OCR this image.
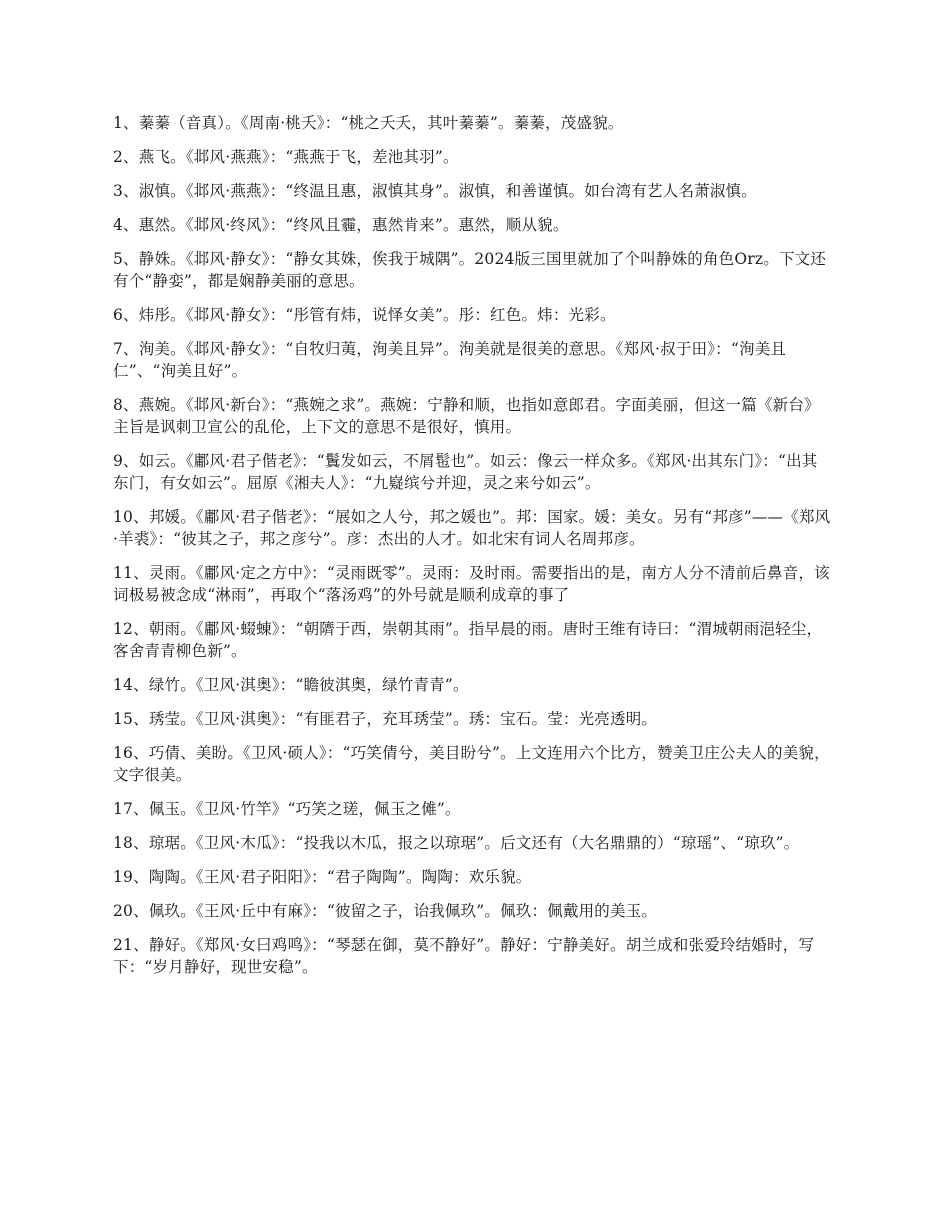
1、蓁蓁（音真）。《周南·桃夭》：“桃之夭夭，其叶蓁蓁”。蓁蓁，茂盛貌。

2、燕飞。《邶风·燕燕》：“燕燕于飞，差池其羽”。

3、淑慎。《邶风·燕燕》：“终温且惠，淑慎其身”。淑慎，和善谨慎。如台湾有艺人名萧淑慎。

4、惠然。《邶风·终风》：“终风且霾，惠然肯来”。惠然，顺从貌。

5、静姝。《邶风·静女》：“静女其姝，俟我于城隅”。2024版三国里就加了个叫静姝的角色Orz。下文还有个“静娈”，都是娴静美丽的意思。

6、炜彤。《邶风·静女》：“彤管有炜，说怿女美”。彤：红色。炜：光彩。

7、洵美。《邶风·静女》：“自牧归荑，洵美且异”。洵美就是很美的意思。《郑风·叔于田》：“洵美且仁”、“洵美且好”。

8、燕婉。《邶风·新台》：“燕婉之求”。燕婉：宁静和顺，也指如意郎君。字面美丽，但这一篇《新台》主旨是讽刺卫宣公的乱伦，上下文的意思不是很好，慎用。

9、如云。《鄘风·君子偕老》：“鬒发如云，不屑髢也”。如云：像云一样众多。《郑风·出其东门》：“出其东门，有女如云”。屈原《湘夫人》：“九嶷缤兮并迎，灵之来兮如云”。

10、邦媛。《鄘风·君子偕老》：“展如之人兮，邦之媛也”。邦：国家。媛：美女。另有“邦彦”——《郑风·羊裘》：“彼其之子，邦之彦兮”。彦：杰出的人才。如北宋有词人名周邦彦。

11、灵雨。《鄘风·定之方中》：“灵雨既零”。灵雨：及时雨。需要指出的是，南方人分不清前后鼻音，该词极易被念成“淋雨”，再取个“落汤鸡”的外号就是顺利成章的事了

12、朝雨。《鄘风·蝃蝀》：“朝隮于西，崇朝其雨”。指早晨的雨。唐时王维有诗曰：“渭城朝雨浥轻尘， 客舍青青柳色新”。

14、绿竹。《卫风·淇奥》：“瞻彼淇奥，绿竹青青”。

15、琇莹。《卫风·淇奥》：“有匪君子，充耳琇莹”。琇：宝石。莹：光亮透明。

16、巧倩、美盼。《卫风·硕人》：“巧笑倩兮，美目盼兮”。上文连用六个比方，赞美卫庄公夫人的美貌，文字很美。

17、佩玉。《卫风·竹竿》“巧笑之瑳，佩玉之傩”。

18、琼琚。《卫风·木瓜》：“投我以木瓜，报之以琼琚”。后文还有（大名鼎鼎的）“琼瑶”、“琼玖”。

19、陶陶。《王风·君子阳阳》：“君子陶陶”。陶陶：欢乐貌。

20、佩玖。《王风·丘中有麻》：“彼留之子，诒我佩玖”。佩玖：佩戴用的美玉。

21、静好。《郑风·女曰鸡鸣》：“琴瑟在御，莫不静好”。静好：宁静美好。胡兰成和张爱玲结婚时，写下：“岁月静好，现世安稳”。
